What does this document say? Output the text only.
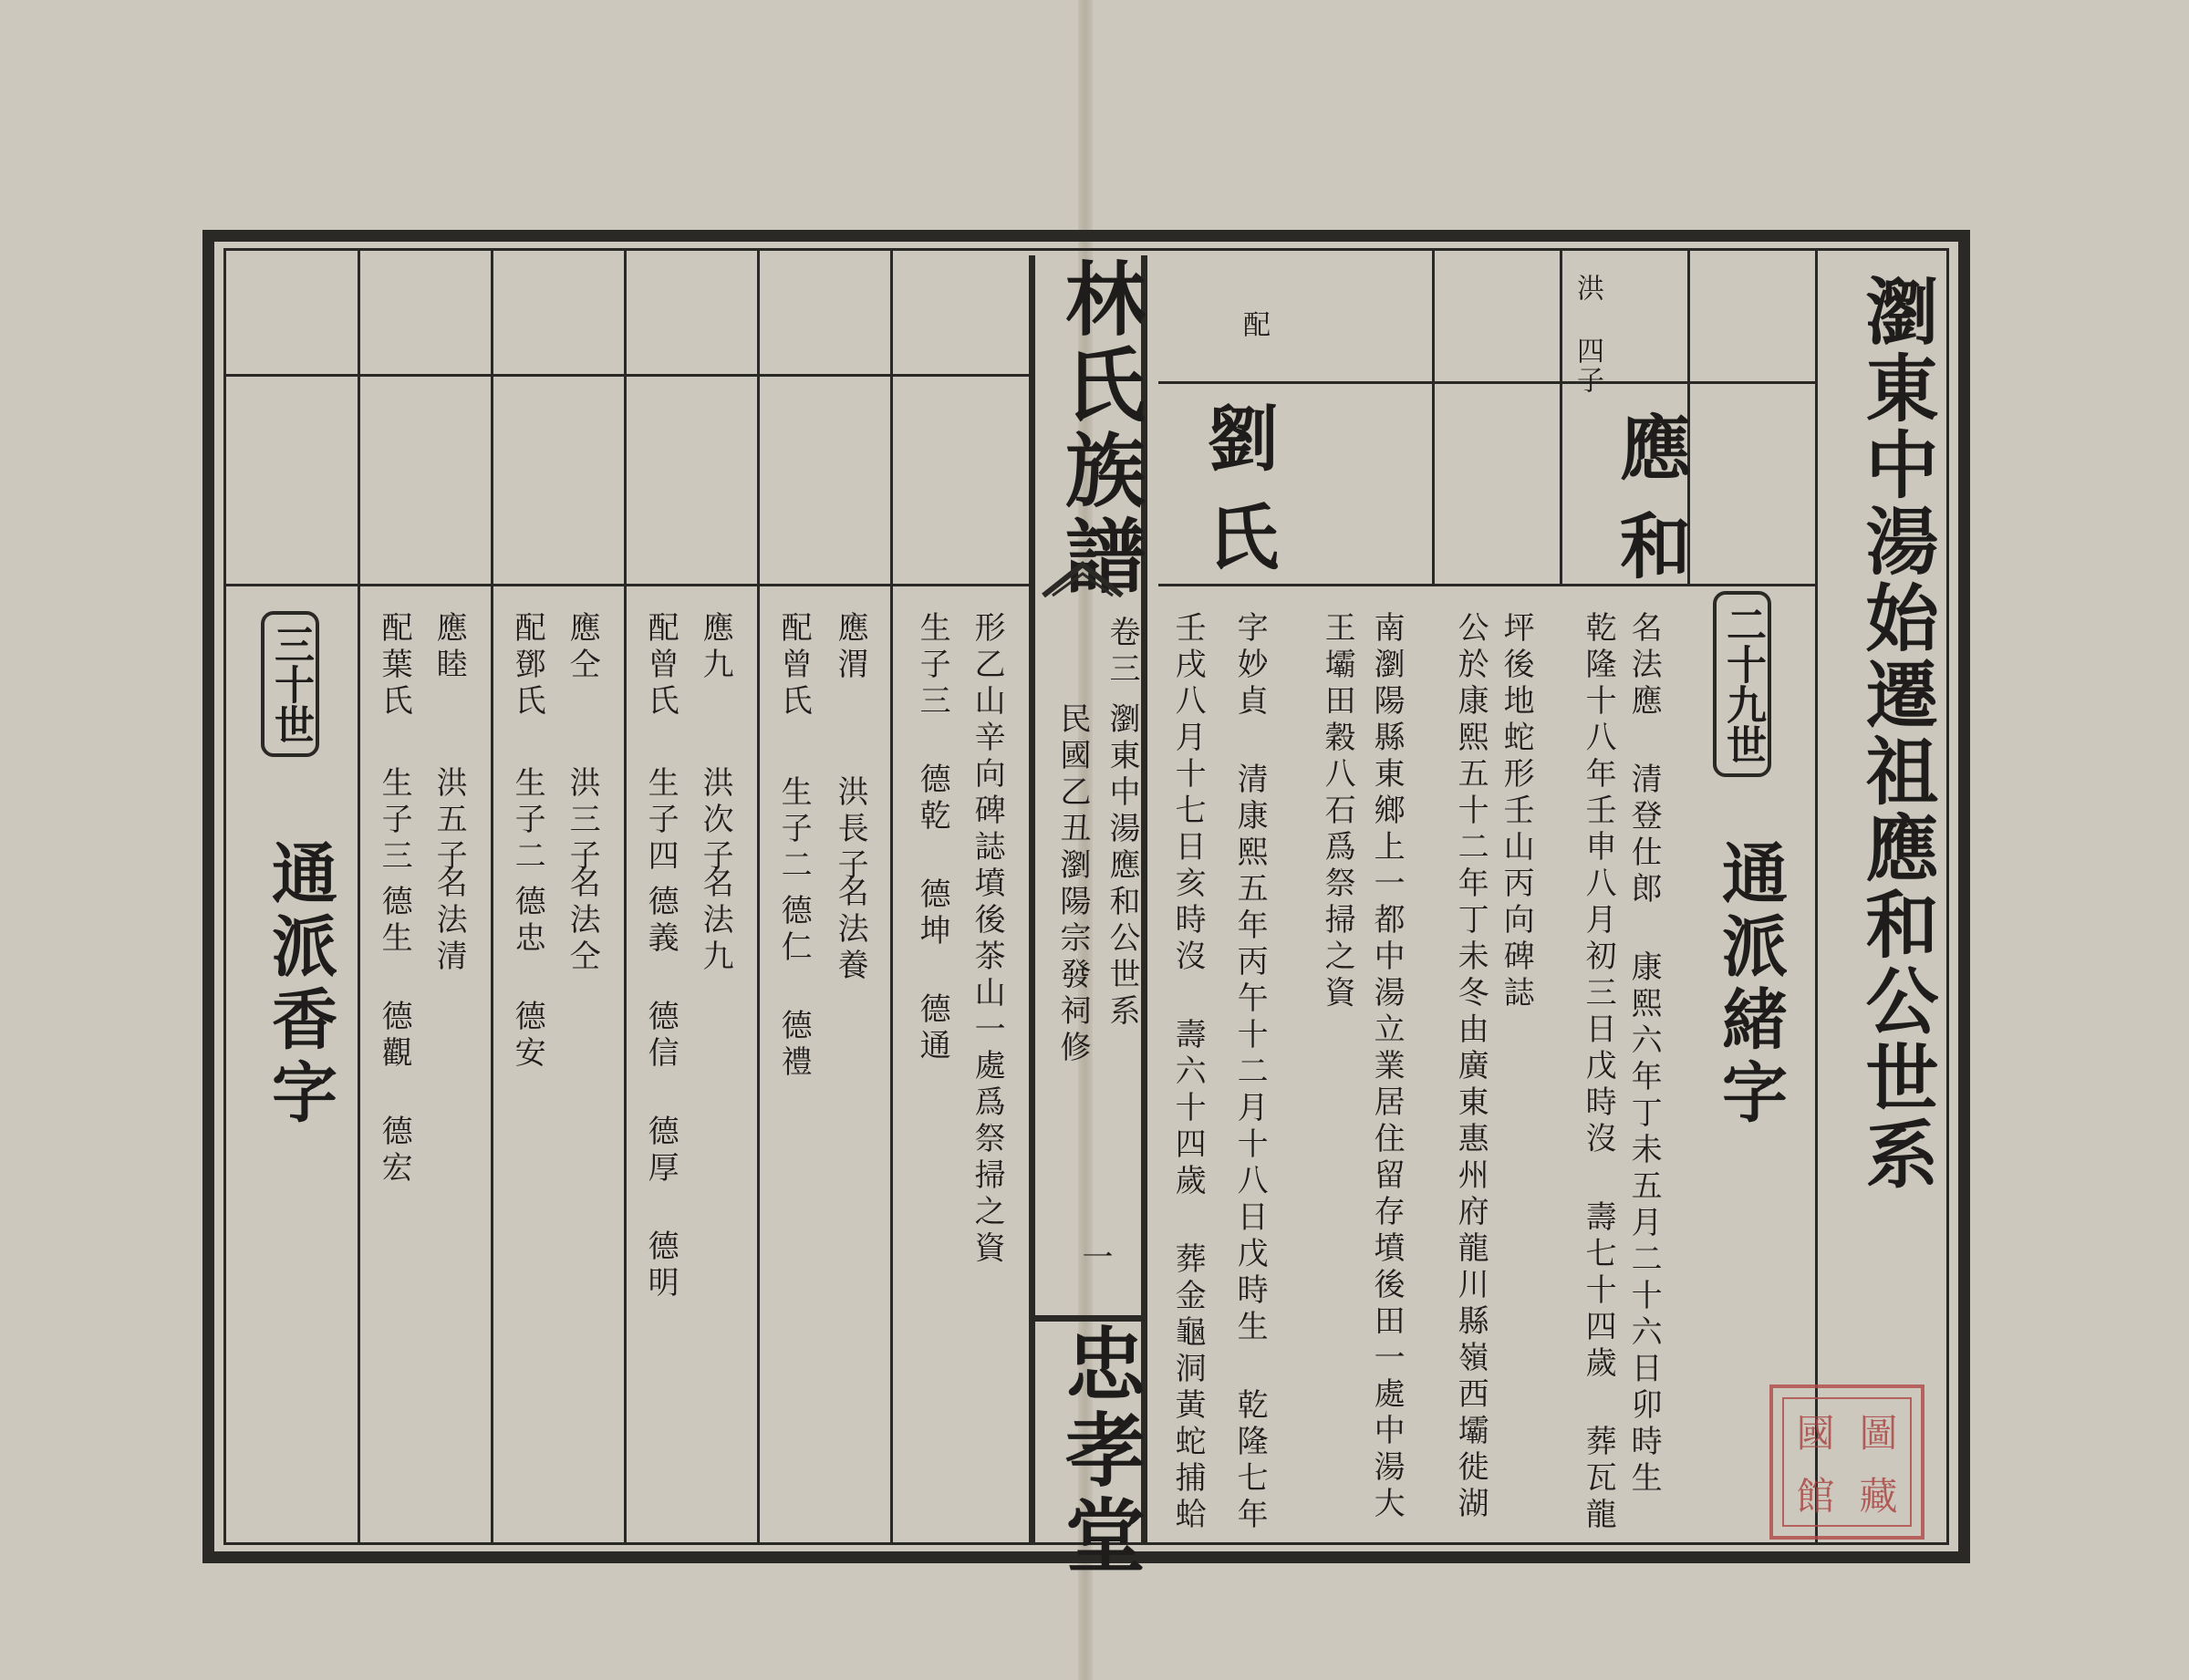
林氏族譜
卷三
瀏東中湯應和公世系
民國乙丑瀏陽宗發祠修
一
忠孝堂
瀏東中湯始遷祖應和公世系
二十九世
通派緒字
洪 四子
應和
配
劉氏
名法應 清登仕郎 康熙六年丁未五月二十六日卯時生
乾隆十八年壬申八月初三日戊時沒 壽七十四歲 葬瓦龍
坪後地蛇形壬山丙向碑誌
公於康熙五十二年丁未冬由廣東惠州府龍川縣嶺西壩徙湖
南瀏陽縣東鄉上一都中湯立業居住留存墳後田一處中湯大
王壩田穀八石爲祭掃之資
字妙貞 清康熙五年丙午十二月十八日戊時生 乾隆七年
壬戌八月十七日亥時沒 壽六十四歲 葬金龜洞黃蛇捕蛤	國 圖
館 藏
形乙山辛向碑誌墳後茶山一處爲祭掃之資
生子三 德乾 德坤 德通
應渭
洪長子
名法養
配曾氏
生子二
德仁 德禮
應九
洪次子
名法九
配曾氏
生子四
德義 德信 德厚 德明
應仝
洪三子
名法仝
配鄧氏
生子二
德忠 德安
應睦
洪五子
名法清
配葉氏
生子三
德生 德觀 德宏
三十世
通派香字
